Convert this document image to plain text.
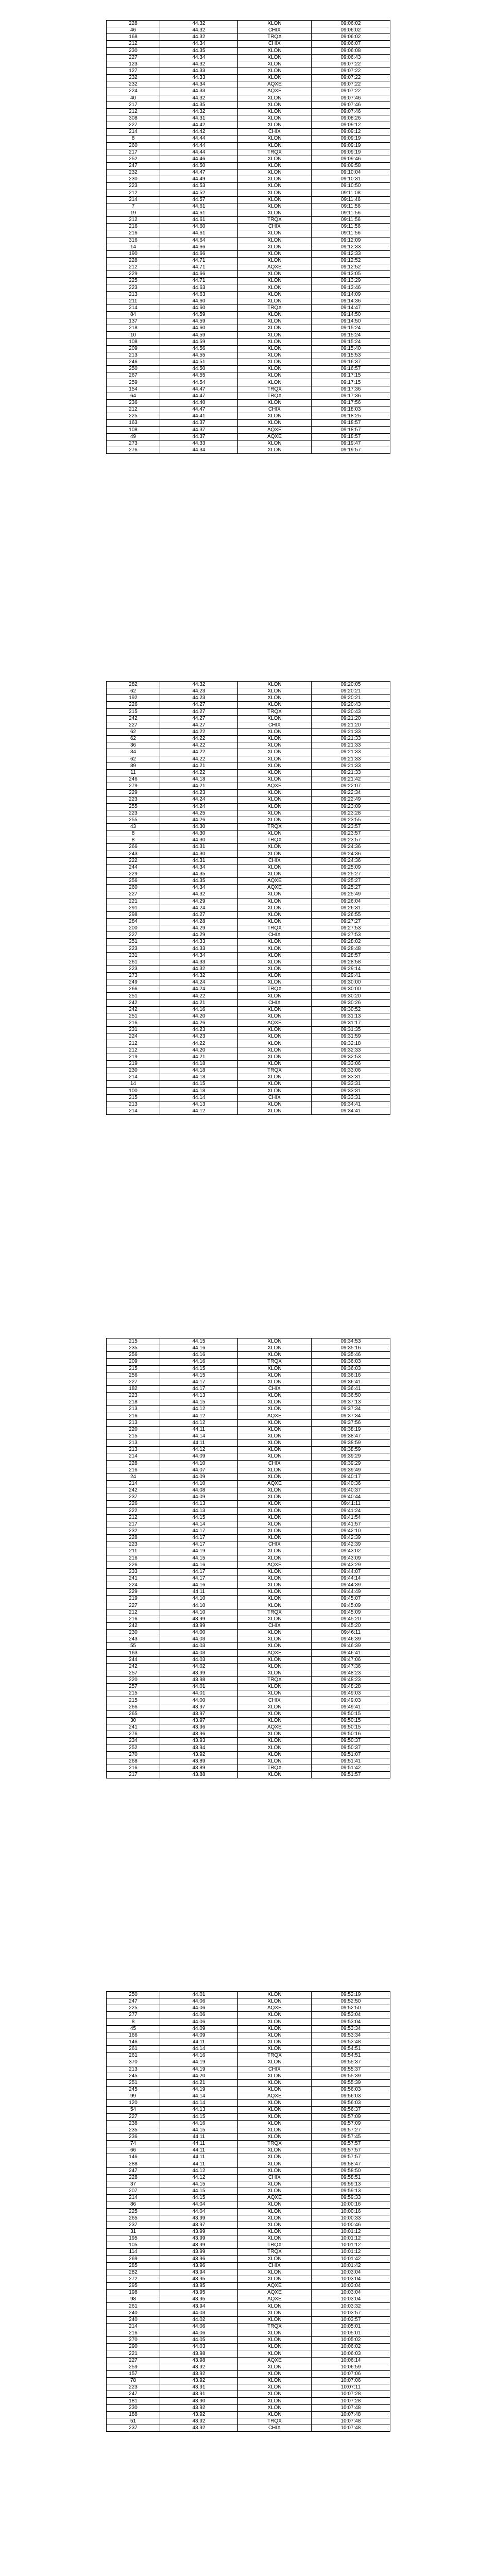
228	44.32	XLON	09:06:02
46	44.32	CHIX	09:06:02
168	44.32	TRQX	09:06:02
212	44.34	CHIX	09:06:07
230	44.35	XLON	09:06:08
227	44.34	XLON	09:06:43
123	44.32	XLON	09:07:22
127	44.33	XLON	09:07:22
232	44.33	XLON	09:07:22
232	44.34	AQXE	09:07:22
224	44.33	AQXE	09:07:22
40	44.32	XLON	09:07:46
217	44.35	XLON	09:07:46
212	44.32	XLON	09:07:46
308	44.31	XLON	09:08:26
227	44.42	XLON	09:09:12
214	44.42	CHIX	09:09:12
8	44.44	XLON	09:09:19
260	44.44	XLON	09:09:19
217	44.44	TRQX	09:09:19
252	44.46	XLON	09:09:46
247	44.50	XLON	09:09:58
232	44.47	XLON	09:10:04
230	44.49	XLON	09:10:31
223	44.53	XLON	09:10:50
212	44.52	XLON	09:11:08
214	44.57	XLON	09:11:46
7	44.61	XLON	09:11:56
19	44.61	XLON	09:11:56
212	44.61	TRQX	09:11:56
216	44.60	CHIX	09:11:56
216	44.61	XLON	09:11:56
316	44.64	XLON	09:12:09
14	44.66	XLON	09:12:33
190	44.66	XLON	09:12:33
228	44.71	XLON	09:12:52
212	44.71	AQXE	09:12:52
229	44.66	XLON	09:13:05
225	44.71	XLON	09:13:29
223	44.63	XLON	09:13:46
213	44.63	XLON	09:14:09
211	44.60	XLON	09:14:36
214	44.60	TRQX	09:14:47
84	44.59	XLON	09:14:50
137	44.59	XLON	09:14:50
218	44.60	XLON	09:15:24
10	44.59	XLON	09:15:24
108	44.59	XLON	09:15:24
209	44.56	XLON	09:15:40
213	44.55	XLON	09:15:53
246	44.51	XLON	09:16:37
250	44.50	XLON	09:16:57
267	44.55	XLON	09:17:15
259	44.54	XLON	09:17:15
154	44.47	TRQX	09:17:36
64	44.47	TRQX	09:17:36
236	44.40	XLON	09:17:56
212	44.47	CHIX	09:18:03
225	44.41	XLON	09:18:25
163	44.37	XLON	09:18:57
108	44.37	AQXE	09:18:57
49	44.37	AQXE	09:18:57
273	44.33	XLON	09:19:47
276	44.34	XLON	09:19:57
282	44.32	XLON	09:20:05
62	44.23	XLON	09:20:21
192	44.23	XLON	09:20:21
226	44.27	XLON	09:20:43
215	44.27	TRQX	09:20:43
242	44.27	XLON	09:21:20
227	44.27	CHIX	09:21:20
62	44.22	XLON	09:21:33
62	44.22	XLON	09:21:33
36	44.22	XLON	09:21:33
34	44.22	XLON	09:21:33
62	44.22	XLON	09:21:33
89	44.21	XLON	09:21:33
11	44.22	XLON	09:21:33
246	44.18	XLON	09:21:42
279	44.21	AQXE	09:22:07
229	44.23	XLON	09:22:34
223	44.24	XLON	09:22:49
255	44.24	XLON	09:23:09
223	44.25	XLON	09:23:28
255	44.26	XLON	09:23:55
43	44.30	TRQX	09:23:57
8	44.30	XLON	09:23:57
8	44.30	TRQX	09:23:57
266	44.31	XLON	09:24:36
243	44.30	XLON	09:24:36
222	44.31	CHIX	09:24:36
244	44.34	XLON	09:25:09
229	44.35	XLON	09:25:27
256	44.35	AQXE	09:25:27
260	44.34	AQXE	09:25:27
227	44.32	XLON	09:25:49
221	44.29	XLON	09:26:04
291	44.24	XLON	09:26:31
298	44.27	XLON	09:26:55
284	44.28	XLON	09:27:27
200	44.29	TRQX	09:27:53
227	44.29	CHIX	09:27:53
251	44.33	XLON	09:28:02
223	44.33	XLON	09:28:48
231	44.34	XLON	09:28:57
261	44.33	XLON	09:28:58
223	44.32	XLON	09:29:14
273	44.32	XLON	09:29:41
249	44.24	XLON	09:30:00
266	44.24	TRQX	09:30:00
251	44.22	XLON	09:30:20
242	44.21	CHIX	09:30:26
242	44.16	XLON	09:30:52
251	44.20	XLON	09:31:13
216	44.26	AQXE	09:31:17
231	44.23	XLON	09:31:35
224	44.23	XLON	09:31:59
212	44.22	XLON	09:32:18
212	44.20	XLON	09:32:33
219	44.21	XLON	09:32:53
219	44.18	XLON	09:33:06
230	44.18	TRQX	09:33:06
214	44.18	XLON	09:33:31
14	44.15	XLON	09:33:31
100	44.18	XLON	09:33:31
215	44.14	CHIX	09:33:31
213	44.13	XLON	09:34:41
214	44.12	XLON	09:34:41
215	44.15	XLON	09:34:53
235	44.16	XLON	09:35:16
256	44.16	XLON	09:35:46
209	44.16	TRQX	09:36:03
215	44.15	XLON	09:36:03
256	44.15	XLON	09:36:16
227	44.17	XLON	09:36:41
182	44.17	CHIX	09:36:41
223	44.13	XLON	09:36:50
218	44.15	XLON	09:37:13
213	44.12	XLON	09:37:34
216	44.12	AQXE	09:37:34
213	44.12	XLON	09:37:56
220	44.11	XLON	09:38:19
215	44.14	XLON	09:38:47
213	44.11	XLON	09:38:59
213	44.12	XLON	09:38:59
214	44.09	XLON	09:39:29
228	44.10	CHIX	09:39:29
216	44.07	XLON	09:39:49
24	44.09	XLON	09:40:17
214	44.10	AQXE	09:40:36
242	44.08	XLON	09:40:37
237	44.09	XLON	09:40:44
226	44.13	XLON	09:41:11
222	44.13	XLON	09:41:24
212	44.15	XLON	09:41:54
217	44.14	XLON	09:41:57
232	44.17	XLON	09:42:10
228	44.17	XLON	09:42:39
223	44.17	CHIX	09:42:39
211	44.19	XLON	09:43:02
216	44.15	XLON	09:43:09
226	44.16	AQXE	09:43:29
233	44.17	XLON	09:44:07
241	44.17	XLON	09:44:14
224	44.16	XLON	09:44:39
229	44.11	XLON	09:44:49
219	44.10	XLON	09:45:07
227	44.10	XLON	09:45:09
212	44.10	TRQX	09:45:09
216	43.99	XLON	09:45:20
242	43.99	CHIX	09:45:20
230	44.00	XLON	09:46:11
243	44.03	XLON	09:46:39
55	44.03	XLON	09:46:39
163	44.03	AQXE	09:46:41
244	44.03	XLON	09:47:06
242	44.02	XLON	09:47:36
257	43.99	XLON	09:48:23
220	43.98	TRQX	09:48:23
257	44.01	XLON	09:48:28
215	44.01	XLON	09:49:03
215	44.00	CHIX	09:49:03
266	43.97	XLON	09:49:41
265	43.97	XLON	09:50:15
30	43.97	XLON	09:50:15
241	43.96	AQXE	09:50:15
276	43.96	XLON	09:50:16
234	43.93	XLON	09:50:37
252	43.94	XLON	09:50:37
270	43.92	XLON	09:51:07
268	43.89	XLON	09:51:41
216	43.89	TRQX	09:51:42
217	43.88	XLON	09:51:57
250	44.01	XLON	09:52:19
247	44.06	XLON	09:52:50
225	44.06	AQXE	09:52:50
277	44.06	XLON	09:53:04
8	44.06	XLON	09:53:04
45	44.09	XLON	09:53:34
166	44.09	XLON	09:53:34
146	44.11	XLON	09:53:48
261	44.14	XLON	09:54:51
261	44.16	TRQX	09:54:51
370	44.19	XLON	09:55:37
213	44.19	CHIX	09:55:37
245	44.20	XLON	09:55:39
251	44.21	XLON	09:55:39
245	44.19	XLON	09:56:03
99	44.14	AQXE	09:56:03
120	44.14	XLON	09:56:03
54	44.13	XLON	09:56:37
227	44.15	XLON	09:57:09
238	44.16	XLON	09:57:09
235	44.15	XLON	09:57:27
236	44.11	XLON	09:57:45
74	44.11	TRQX	09:57:57
66	44.11	XLON	09:57:57
146	44.11	XLON	09:57:57
288	44.11	XLON	09:58:47
247	44.12	XLON	09:58:50
228	44.12	CHIX	09:58:51
37	44.15	XLON	09:59:13
207	44.15	XLON	09:59:13
214	44.15	AQXE	09:59:33
86	44.04	XLON	10:00:16
225	44.04	XLON	10:00:16
265	43.99	XLON	10:00:33
237	43.97	XLON	10:00:46
31	43.99	XLON	10:01:12
195	43.99	XLON	10:01:12
105	43.99	TRQX	10:01:12
114	43.99	TRQX	10:01:12
269	43.96	XLON	10:01:42
285	43.96	CHIX	10:01:42
282	43.94	XLON	10:03:04
272	43.95	XLON	10:03:04
295	43.95	AQXE	10:03:04
198	43.95	AQXE	10:03:04
98	43.95	AQXE	10:03:04
261	43.94	XLON	10:03:32
240	44.03	XLON	10:03:57
240	44.02	XLON	10:03:57
214	44.06	TRQX	10:05:01
216	44.06	XLON	10:05:01
270	44.05	XLON	10:05:02
290	44.03	XLON	10:06:02
221	43.98	XLON	10:06:03
227	43.98	AQXE	10:06:14
259	43.92	XLON	10:06:59
157	43.92	XLON	10:07:06
78	43.92	XLON	10:07:06
223	43.91	XLON	10:07:11
247	43.91	XLON	10:07:28
181	43.90	XLON	10:07:28
230	43.92	XLON	10:07:48
188	43.92	XLON	10:07:48
51	43.92	TRQX	10:07:48
237	43.92	CHIX	10:07:48
